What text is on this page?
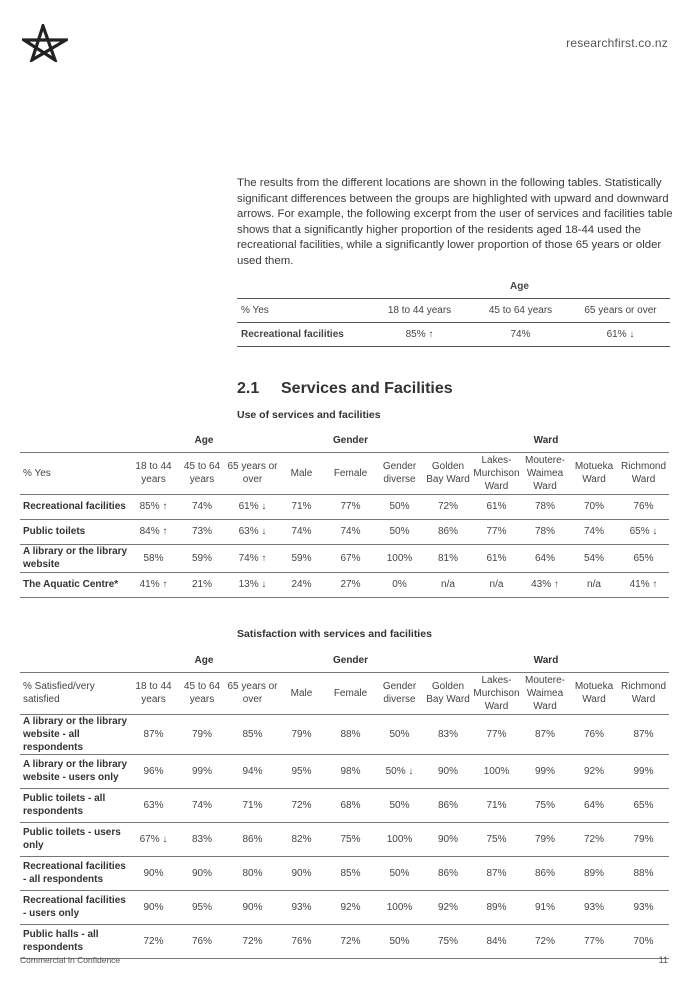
researchfirst.co.nz

The results from the different locations are shown in the following tables. Statistically significant differences between the groups are highlighted with upward and downward arrows. For example, the following excerpt from the user of services and facilities table shows that a significantly higher proportion of the residents aged 18-44 used the recreational facilities, while a significantly lower proportion of those 65 years or older used them.

	Age		
% Yes	18 to 44 years	45 to 64 years	65 years or over
Recreational facilities	85% ↑	74%	61% ↓
2.1 Services and Facilities
Use of services and facilities
	Age			Gender			Ward				
% Yes	18 to 44 years	45 to 64 years	65 years or over	Male	Female	Gender diverse	Golden Bay Ward	Lakes-Murchison Ward	Moutere-Waimea Ward	Motueka Ward	Richmond Ward
Recreational facilities	85% ↑	74%	61% ↓	71%	77%	50%	72%	61%	78%	70%	76%
Public toilets	84% ↑	73%	63% ↓	74%	74%	50%	86%	77%	78%	74%	65% ↓
A library or the library website	58%	59%	74% ↑	59%	67%	100%	81%	61%	64%	54%	65%
The Aquatic Centre*	41% ↑	21%	13% ↓	24%	27%	0%	n/a	n/a	43% ↑	n/a	41% ↑
Satisfaction with services and facilities
	Age			Gender			Ward				
% Satisfied/very satisfied	18 to 44 years	45 to 64 years	65 years or over	Male	Female	Gender diverse	Golden Bay Ward	Lakes-Murchison Ward	Moutere-Waimea Ward	Motueka Ward	Richmond Ward
A library or the library website - all respondents	87%	79%	85%	79%	88%	50%	83%	77%	87%	76%	87%
A library or the library website - users only	96%	99%	94%	95%	98%	50% ↓	90%	100%	99%	92%	99%
Public toilets - all respondents	63%	74%	71%	72%	68%	50%	86%	71%	75%	64%	65%
Public toilets - users only	67% ↓	83%	86%	82%	75%	100%	90%	75%	79%	72%	79%
Recreational facilities - all respondents	90%	90%	80%	90%	85%	50%	86%	87%	86%	89%	88%
Recreational facilities - users only	90%	95%	90%	93%	92%	100%	92%	89%	91%	93%	93%
Public halls - all respondents	72%	76%	72%	76%	72%	50%	75%	84%	72%	77%	70%
Commercial In Confidence	11
